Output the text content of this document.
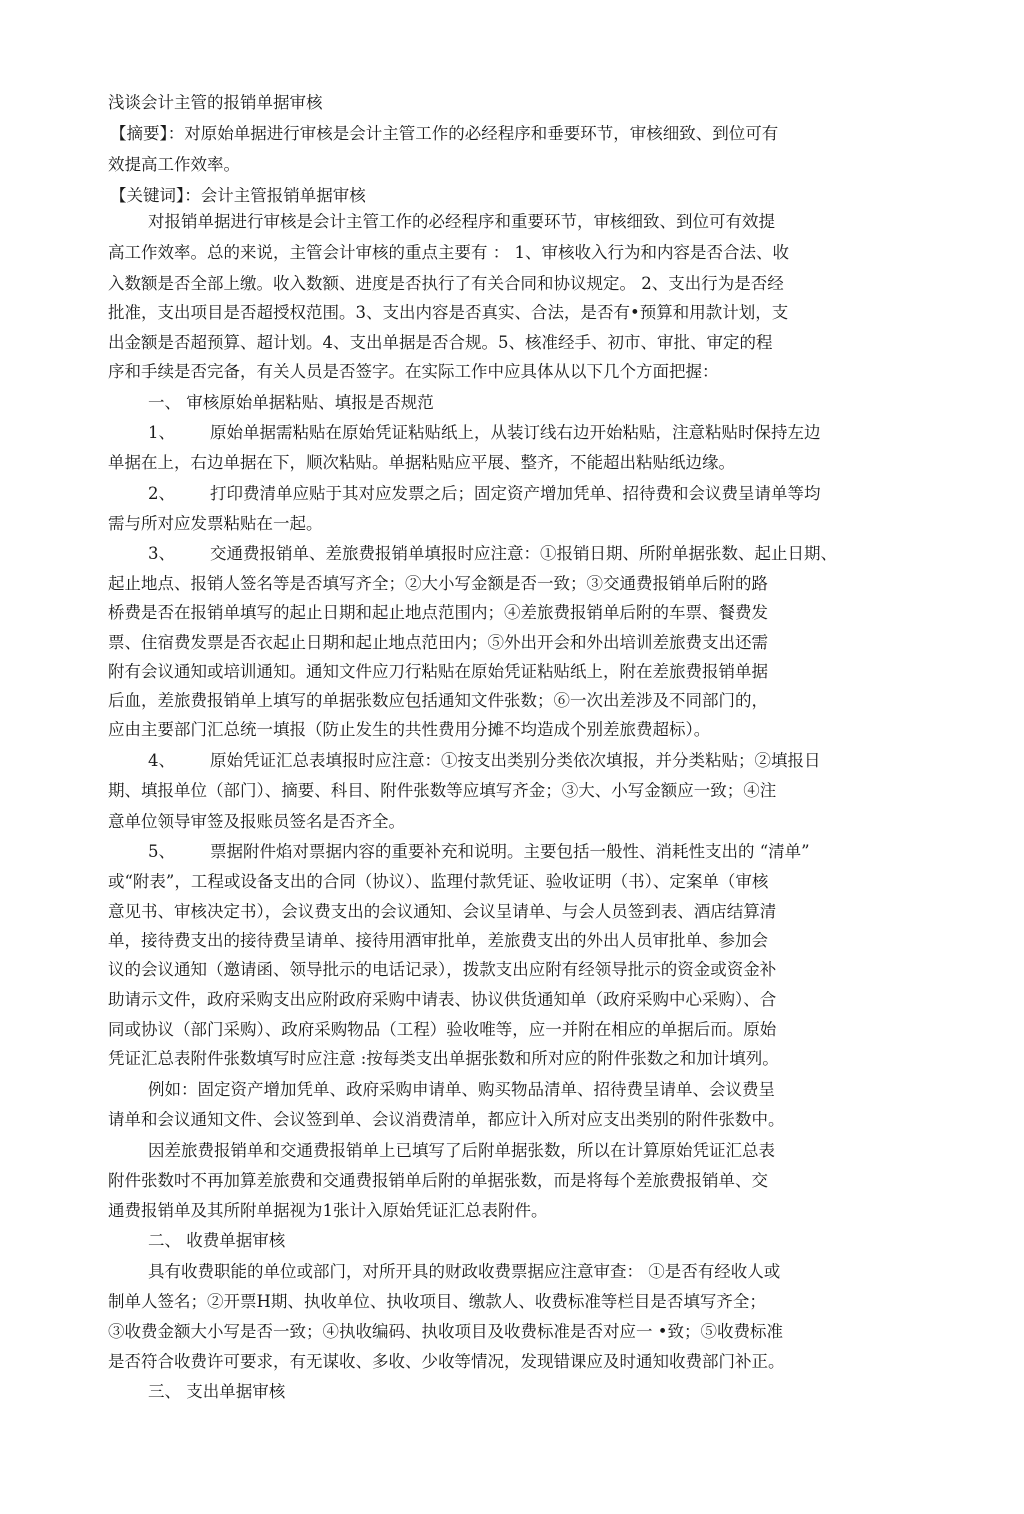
浅谈会计主管的报销单据审核
【摘要】：对原始单据进行审核是会计主管工作的必经程序和垂要环节，审核细致、到位可有
效提高工作效率。
【关键词】：会计主管报销单据审核
对报销单据进行审核是会计主管工作的必经程序和重要环节，审核细致、到位可有效提
高工作效率。总的来说，主管会计审核的重点主要有 ： 1、审核收入行为和内容是否合法、收
入数额是否全部上缴。收入数额、进度是否执行了有关合同和协议规定。 2、支出行为是否经
批准，支出项目是否超授权范围。3、支出内容是否真实、合法，是否有•预算和用款计划，支
出金额是否超预算、超计划。4、支出单据是否合规。5、核准经手、初市、审批、审定的程
序和手续是否完备，有关人员是否签字。在实际工作中应具体从以下几个方面把握：
一、 审核原始单据粘贴、填报是否规范
1、 原始单据需粘贴在原始凭证粘贴纸上，从装订线右边开始粘贴，注意粘贴时保持左边
单据在上，右边单据在下，顺次粘贴。单据粘贴应平展、整齐，不能超出粘贴纸边缘。
2、 打印费清单应贴于其对应发票之后；固定资产增加凭单、招待费和会议费呈请单等均
需与所对应发票粘贴在一起。
3、 交通费报销单、差旅费报销单填报时应注意：①报销日期、所附单据张数、起止日期、
起止地点、报销人签名等是否填写齐全；②大小写金额是否一致；③交通费报销单后附的路
桥费是否在报销单填写的起止日期和起止地点范围内；④差旅费报销单后附的车票、餐费发
票、住宿费发票是否衣起止日期和起止地点范田内；⑤外出开会和外出培训差旅费支出还需
附有会议通知或培训通知。通知文件应刀行粘贴在原始凭证粘贴纸上，附在差旅费报销单据
后血，差旅费报销单上填写的单据张数应包括通知文件张数；⑥一次出差涉及不同部门的，
应由主要部门汇总统一填报（防止发生的共性费用分摊不均造成个别差旅费超标）。
4、 原始凭证汇总表填报时应注意：①按支出类别分类依次填报，并分类粘贴；②填报日
期、填报单位（部门）、摘要、科目、附件张数等应填写齐金；③大、小写金额应一致；④注
意单位领导审签及报账员签名是否齐全。
5、 票据附件焰对票据内容的重要补充和说明。主要包括一般性、消耗性支出的 “清单”
或“附表”，工程或设备支出的合同（协议）、监理付款凭证、验收证明（书）、定案单（审核
意见书、审核决定书），会议费支出的会议通知、会议呈请单、与会人员签到表、酒店结算清
单，接待费支出的接待费呈请单、接待用酒审批单，差旅费支出的外出人员审批单、参加会
议的会议通知（邀请函、领导批示的电话记录），拨款支出应附有经领导批示的资金或资金补
助请示文件，政府采购支出应附政府采购中请表、协议供货通知单（政府采购中心采购）、合
同或协议（部门采购）、政府采购物品（工程）验收唯等，应一并附在相应的单据后而。原始
凭证汇总表附件张数填写时应注意 :按每类支出单据张数和所对应的附件张数之和加计填列。
例如：固定资产增加凭单、政府采购申请单、购买物品清单、招待费呈请单、会议费呈
请单和会议通知文件、会议签到单、会议消费清单，都应计入所对应支出类别的附件张数中。
因差旅费报销单和交通费报销单上已填写了后附单据张数，所以在计算原始凭证汇总表
附件张数吋不再加算差旅费和交通费报销单后附的单据张数，而是将每个差旅费报销单、交
通费报销单及其所附单据视为1张计入原始凭证汇总表附件。
二、 收费单据审核
具有收费职能的单位或部门，对所开具的财政收费票据应注意审查： ①是否有经收人或
制单人签名；②开票H期、执收单位、执收项目、缴款人、收费标准等栏目是否填写齐全；
③收费金额大小写是否一致；④执收编码、执收项目及收费标准是否对应一 •致；⑤收费标准
是否符合收费许可要求，有无谋收、多收、少收等情况，发现错课应及时通知收费部门补正。
三、 支出单据审核
